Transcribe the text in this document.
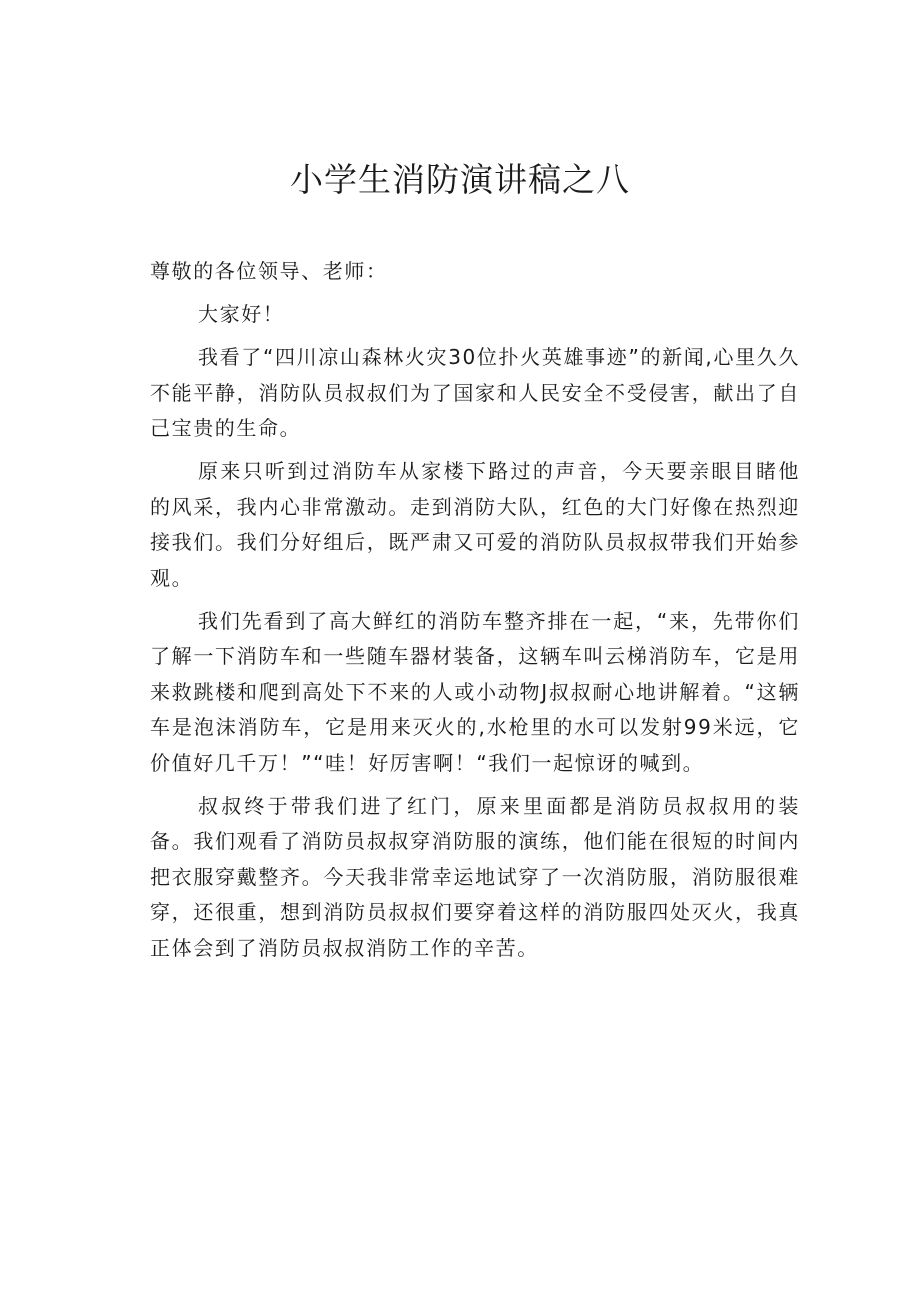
小学生消防演讲稿之八

尊敬的各位领导、老师：

大家好！

我看了“四川凉山森林火灾30位扑火英雄事迹”的新闻,心里久久不能平静，消防队员叔叔们为了国家和人民安全不受侵害，献出了自己宝贵的生命。

原来只听到过消防车从家楼下路过的声音，今天要亲眼目睹他的风采，我内心非常激动。走到消防大队，红色的大门好像在热烈迎接我们。我们分好组后，既严肃又可爱的消防队员叔叔带我们开始参观。

我们先看到了高大鲜红的消防车整齐排在一起，“来，先带你们了解一下消防车和一些随车器材装备，这辆车叫云梯消防车，它是用来救跳楼和爬到高处下不来的人或小动物J叔叔耐心地讲解着。“这辆车是泡沫消防车，它是用来灭火的,水枪里的水可以发射99米远，它价值好几千万！”“哇！好厉害啊！“我们一起惊讶的喊到。

叔叔终于带我们进了红门，原来里面都是消防员叔叔用的装备。我们观看了消防员叔叔穿消防服的演练，他们能在很短的时间内把衣服穿戴整齐。今天我非常幸运地试穿了一次消防服，消防服很难穿，还很重，想到消防员叔叔们要穿着这样的消防服四处灭火，我真正体会到了消防员叔叔消防工作的辛苦。
